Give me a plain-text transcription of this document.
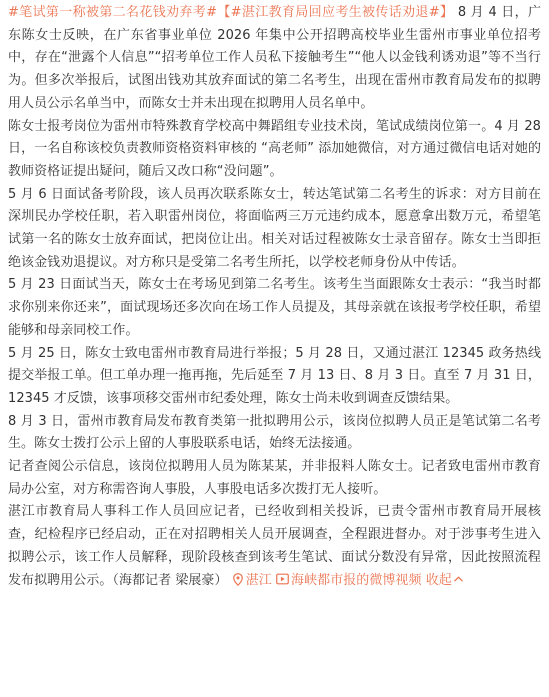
#笔试第一称被第二名花钱劝弃考#【#湛江教育局回应考生被传话劝退#】 8 月 4 日，广东陈女士反映，在广东省事业单位 2026 年集中公开招聘高校毕业生雷州市事业单位招考中，存在“泄露个人信息”“招考单位工作人员私下接触考生”“他人以金钱利诱劝退”等不当行为。但多次举报后，试图出钱劝其放弃面试的第二名考生，出现在雷州市教育局发布的拟聘用人员公示名单当中，而陈女士并未出现在拟聘用人员名单中。

陈女士报考岗位为雷州市特殊教育学校高中舞蹈组专业技术岗，笔试成绩岗位第一。4 月 28 日，一名自称该校负责教师资格资料审核的 “高老师” 添加她微信，对方通过微信电话对她的教师资格证提出疑问，随后又改口称“没问题”。

5 月 6 日面试备考阶段，该人员再次联系陈女士，转达笔试第二名考生的诉求：对方目前在深圳民办学校任职，若入职雷州岗位，将面临两三万元违约成本，愿意拿出数万元，希望笔试第一名的陈女士放弃面试，把岗位让出。相关对话过程被陈女士录音留存。陈女士当即拒绝该金钱劝退提议。对方称只是受第二名考生所托，以学校老师身份从中传话。

5 月 23 日面试当天，陈女士在考场见到第二名考生。该考生当面跟陈女士表示：“我当时都求你别来你还来”，面试现场还多次向在场工作人员提及，其母亲就在该报考学校任职，希望能够和母亲同校工作。

5 月 25 日，陈女士致电雷州市教育局进行举报；5 月 28 日，又通过湛江 12345 政务热线提交举报工单。但工单办理一拖再拖，先后延至 7 月 13 日、8 月 3 日。直至 7 月 31 日，12345 才反馈，该事项移交雷州市纪委处理，陈女士尚未收到调查反馈结果。

8 月 3 日，雷州市教育局发布教育类第一批拟聘用公示，该岗位拟聘人员正是笔试第二名考生。陈女士拨打公示上留的人事股联系电话，始终无法接通。

记者查阅公示信息，该岗位拟聘用人员为陈某某，并非报料人陈女士。记者致电雷州市教育局办公室，对方称需咨询人事股，人事股电话多次拨打无人接听。

湛江市教育局人事科工作人员回应记者，已经收到相关投诉，已责令雷州市教育局开展核查，纪检程序已经启动，正在对招聘相关人员开展调查，全程跟进督办。对于涉事考生进入拟聘公示，该工作人员解释，现阶段核查到该考生笔试、面试分数没有异常，因此按照流程发布拟聘用公示。（海都记者 梁展豪） 湛江 海峡都市报的微博视频 收起
